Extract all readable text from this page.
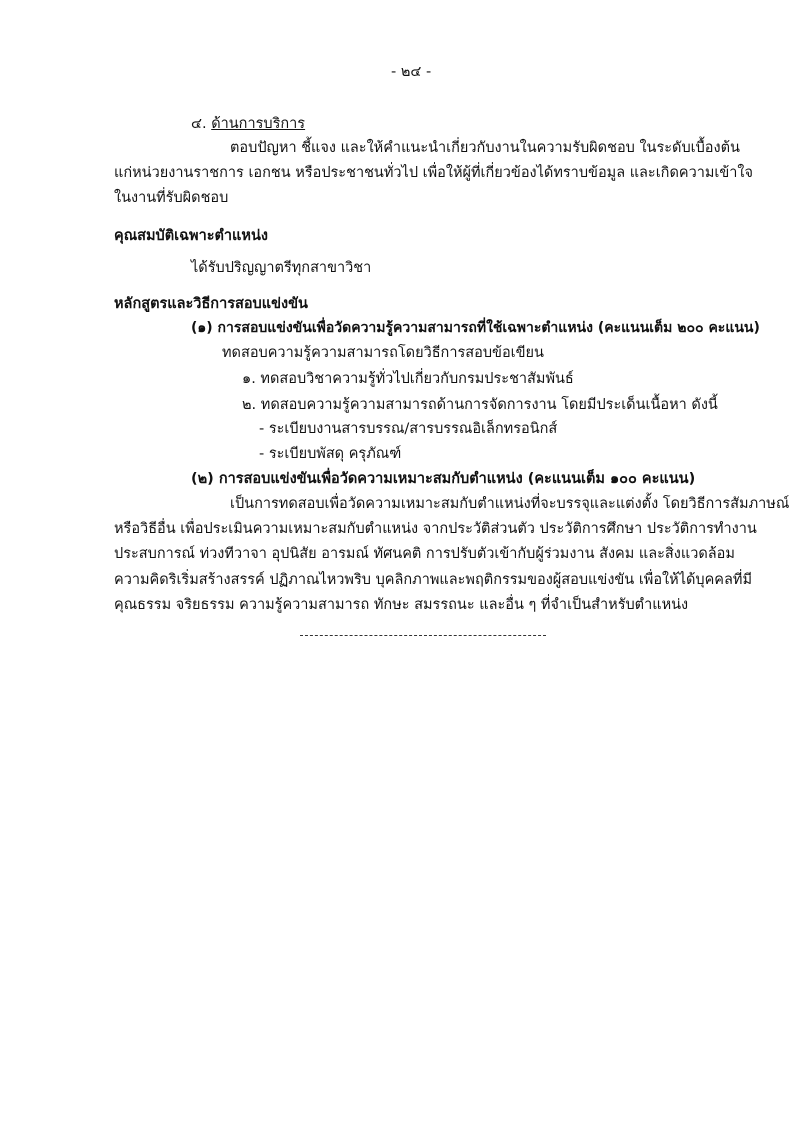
- ๒๔ -
๔. ด้านการบริการ
ตอบปัญหา ชี้แจง และให้คำแนะนำเกี่ยวกับงานในความรับผิดชอบ ในระดับเบื้องต้น
แก่หน่วยงานราชการ เอกชน หรือประชาชนทั่วไป เพื่อให้ผู้ที่เกี่ยวข้องได้ทราบข้อมูล และเกิดความเข้าใจ
ในงานที่รับผิดชอบ
คุณสมบัติเฉพาะตำแหน่ง
ได้รับปริญญาตรีทุกสาขาวิชา
หลักสูตรและวิธีการสอบแข่งขัน
(๑) การสอบแข่งขันเพื่อวัดความรู้ความสามารถที่ใช้เฉพาะตำแหน่ง (คะแนนเต็ม ๒๐๐ คะแนน)
ทดสอบความรู้ความสามารถโดยวิธีการสอบข้อเขียน
๑. ทดสอบวิชาความรู้ทั่วไปเกี่ยวกับกรมประชาสัมพันธ์
๒. ทดสอบความรู้ความสามารถด้านการจัดการงาน โดยมีประเด็นเนื้อหา ดังนี้
- ระเบียบงานสารบรรณ/สารบรรณอิเล็กทรอนิกส์
- ระเบียบพัสดุ ครุภัณฑ์
(๒) การสอบแข่งขันเพื่อวัดความเหมาะสมกับตำแหน่ง (คะแนนเต็ม ๑๐๐ คะแนน)
เป็นการทดสอบเพื่อวัดความเหมาะสมกับตำแหน่งที่จะบรรจุและแต่งตั้ง โดยวิธีการสัมภาษณ์
หรือวิธีอื่น เพื่อประเมินความเหมาะสมกับตำแหน่ง จากประวัติส่วนตัว ประวัติการศึกษา ประวัติการทำงาน
ประสบการณ์ ท่วงทีวาจา อุปนิสัย อารมณ์ ทัศนคติ การปรับตัวเข้ากับผู้ร่วมงาน สังคม และสิ่งแวดล้อม
ความคิดริเริ่มสร้างสรรค์ ปฏิภาณไหวพริบ บุคลิกภาพและพฤติกรรมของผู้สอบแข่งขัน เพื่อให้ได้บุคคลที่มี
คุณธรรม จริยธรรม ความรู้ความสามารถ ทักษะ สมรรถนะ และอื่น ๆ ที่จำเป็นสำหรับตำแหน่ง
